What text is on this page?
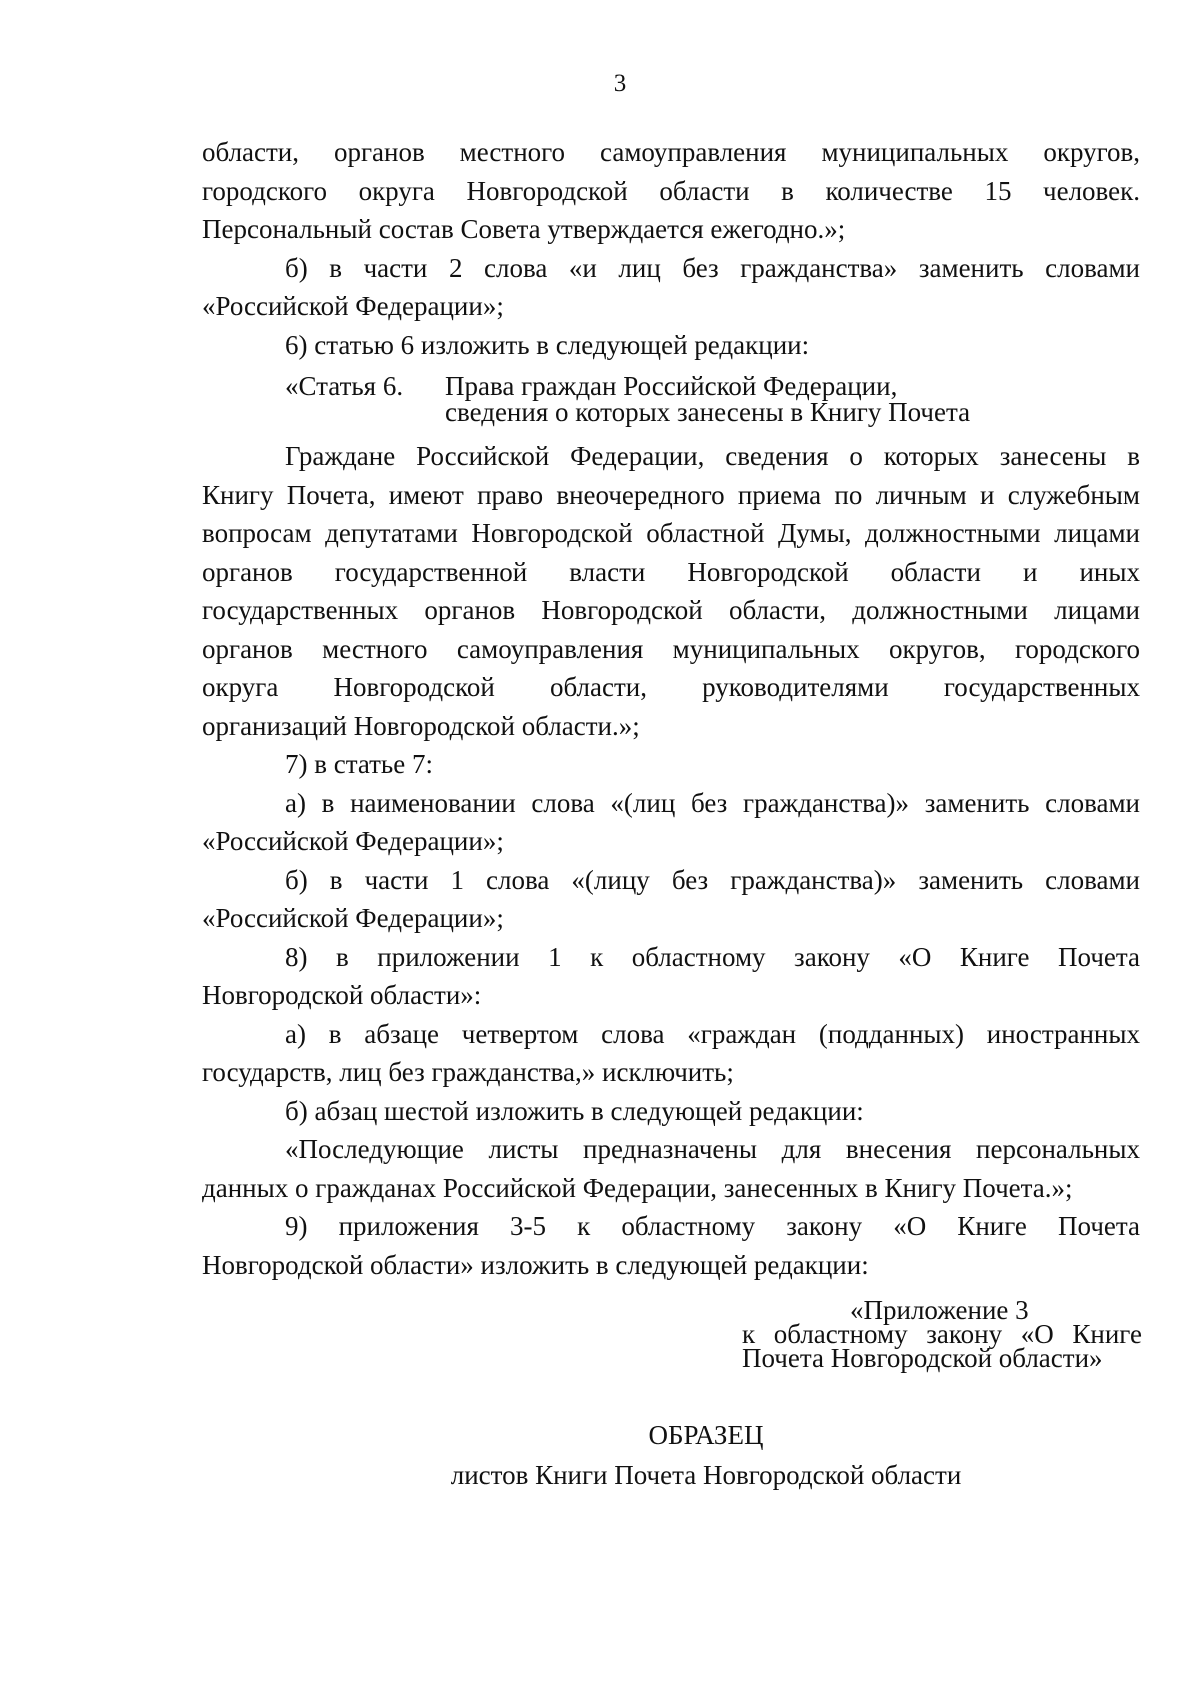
3

области, органов местного самоуправления муниципальных округов,

городского округа Новгородской области в количестве 15 человек.

Персональный состав Совета утверждается ежегодно.»;

б) в части 2 слова «и лиц без гражданства» заменить словами

«Российской Федерации»;

6) статью 6 изложить в следующей редакции:

«Статья 6. Права граждан Российской Федерации,
сведения о которых занесены в Книгу Почета

Граждане Российской Федерации, сведения о которых занесены в

Книгу Почета, имеют право внеочередного приема по личным и служебным

вопросам депутатами Новгородской областной Думы, должностными лицами

органов государственной власти Новгородской области и иных

государственных органов Новгородской области, должностными лицами

органов местного самоуправления муниципальных округов, городского

округа Новгородской области, руководителями государственных

организаций Новгородской области.»;

7) в статье 7:

а) в наименовании слова «(лиц без гражданства)» заменить словами

«Российской Федерации»;

б) в части 1 слова «(лицу без гражданства)» заменить словами

«Российской Федерации»;

8) в приложении 1 к областному закону «О Книге Почета

Новгородской области»:

а) в абзаце четвертом слова «граждан (подданных) иностранных

государств, лиц без гражданства,» исключить;

б) абзац шестой изложить в следующей редакции:

«Последующие листы предназначены для внесения персональных

данных о гражданах Российской Федерации, занесенных в Книгу Почета.»;

9) приложения 3-5 к областному закону «О Книге Почета

Новгородской области» изложить в следующей редакции:

«Приложение 3
к областному закону «О Книге
Почета Новгородской области»
ОБРАЗЕЦ
листов Книги Почета Новгородской области
